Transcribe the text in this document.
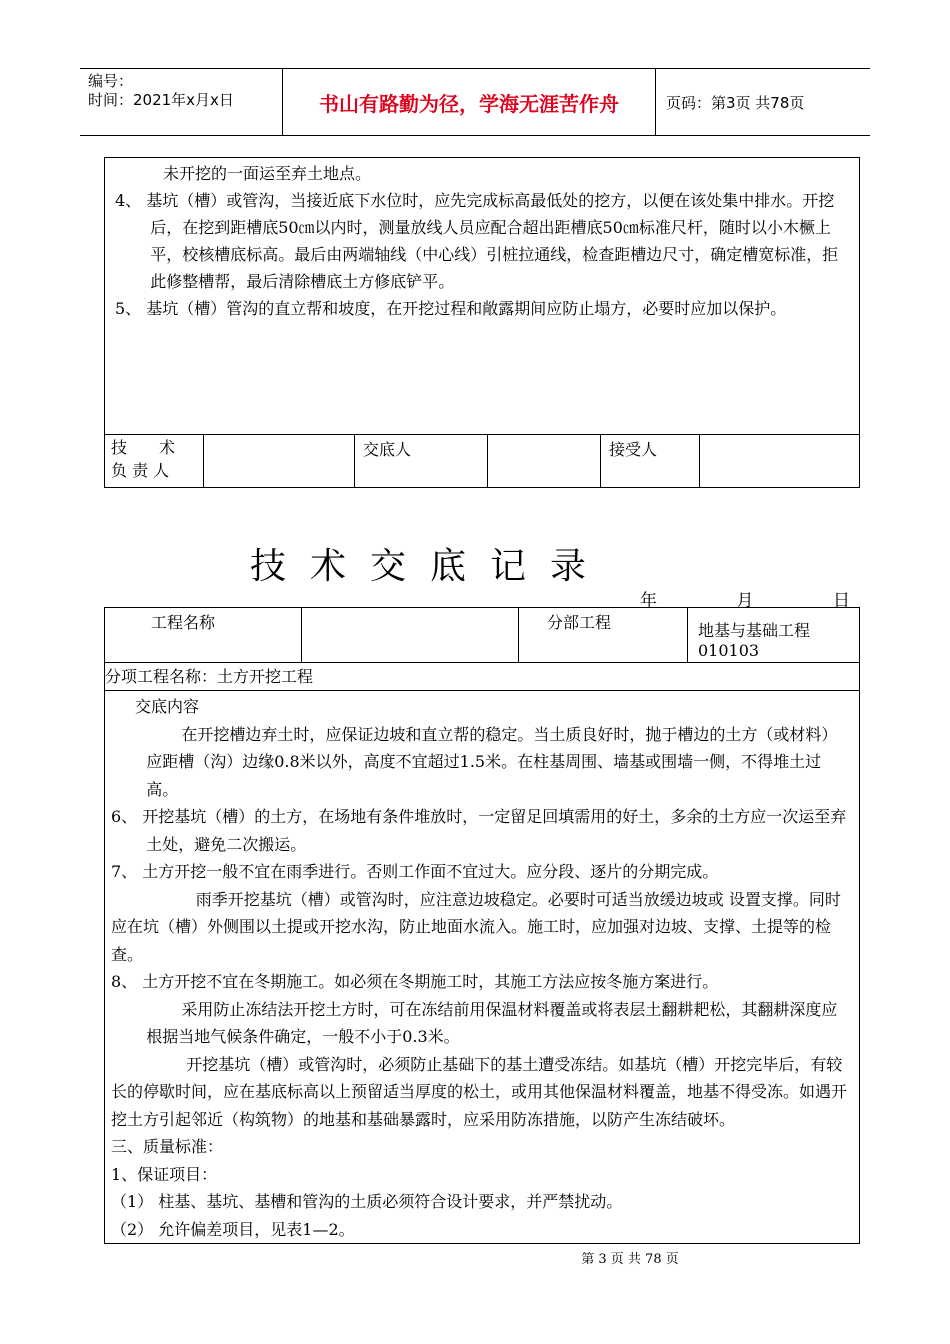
编号：
时间：2021年x月x日	书山有路勤为径，学海无涯苦作舟	页码：第3页 共78页

未开挖的一面运至弃土地点。

4、 基坑（槽）或管沟，当接近底下水位时，应先完成标高最低处的挖方，以便在该处集中排水。开挖后，在挖到距槽底50㎝以内时，测量放线人员应配合超出距槽底50㎝标准尺杆，随时以小木橛上平，校核槽底标高。最后由两端轴线（中心线）引桩拉通线，检查距槽边尺寸，确定槽宽标准，拒此修整槽帮，最后清除槽底土方修底铲平。

5、 基坑（槽）管沟的直立帮和坡度，在开挖过程和敞露期间应防止塌方，必要时应加以保护。

技　　术
负 责 人
		交底人		接受人	
技术交底记录
年	月	日
工程名称		分部工程	地基与基础工程 010103
分项工程名称：土方开挖工程

交底内容

在开挖槽边弃土时，应保证边坡和直立帮的稳定。当土质良好时，抛于槽边的土方（或材料）应距槽（沟）边缘0.8米以外，高度不宜超过1.5米。在柱基周围、墙基或围墙一侧，不得堆土过高。

6、 开挖基坑（槽）的土方，在场地有条件堆放时，一定留足回填需用的好土，多余的土方应一次运至弃土处，避免二次搬运。

7、 土方开挖一般不宜在雨季进行。否则工作面不宜过大。应分段、逐片的分期完成。

雨季开挖基坑（槽）或管沟时，应注意边坡稳定。必要时可适当放缓边坡或 设置支撑。同时应在坑（槽）外侧围以土提或开挖水沟，防止地面水流入。施工时，应加强对边坡、支撑、土提等的检查。

8、 土方开挖不宜在冬期施工。如必须在冬期施工时，其施工方法应按冬施方案进行。

采用防止冻结法开挖土方时，可在冻结前用保温材料覆盖或将表层土翻耕耙松，其翻耕深度应根据当地气候条件确定，一般不小于0.3米。

开挖基坑（槽）或管沟时，必须防止基础下的基土遭受冻结。如基坑（槽）开挖完毕后，有较长的停歇时间，应在基底标高以上预留适当厚度的松土，或用其他保温材料覆盖，地基不得受冻。如遇开挖土方引起邻近（构筑物）的地基和基础暴露时，应采用防冻措施，以防产生冻结破坏。

三、质量标准：

1、保证项目：

（1） 柱基、基坑、基槽和管沟的土质必须符合设计要求，并严禁扰动。

（2） 允许偏差项目，见表1—2。

第 3 页 共 78 页
